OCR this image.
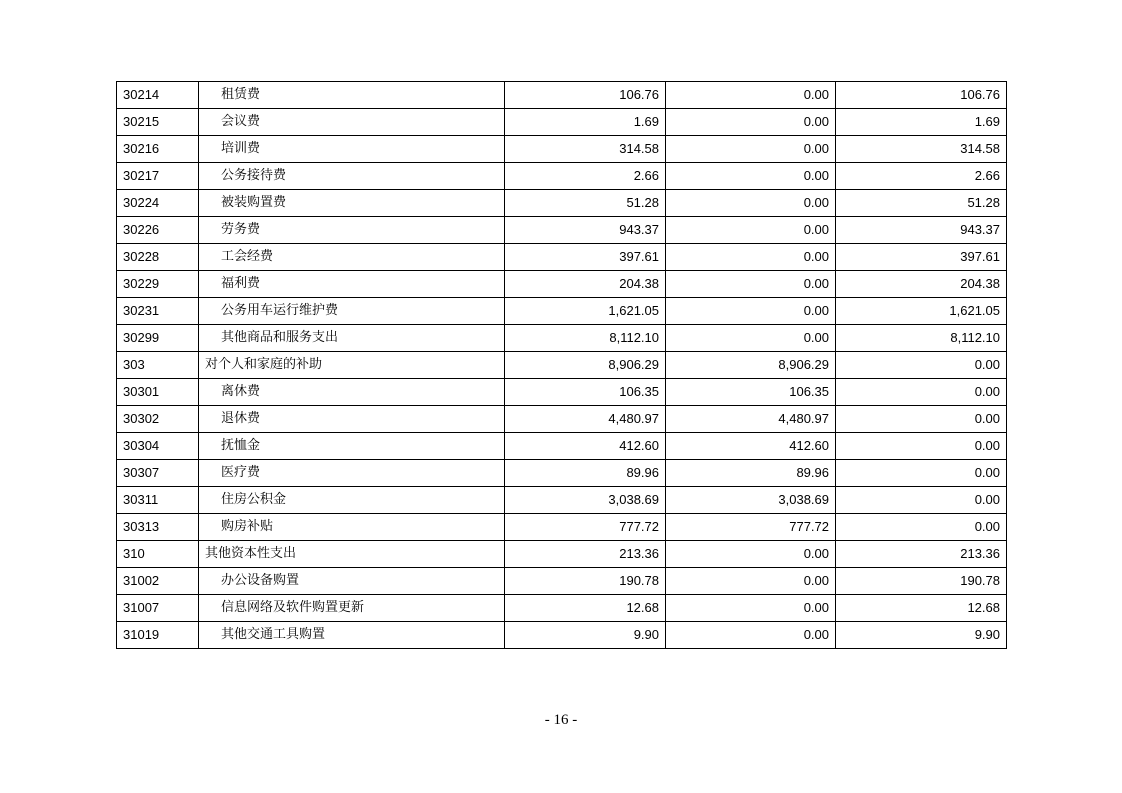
30214	租赁费	106.76	0.00	106.76
30215	会议费	1.69	0.00	1.69
30216	培训费	314.58	0.00	314.58
30217	公务接待费	2.66	0.00	2.66
30224	被装购置费	51.28	0.00	51.28
30226	劳务费	943.37	0.00	943.37
30228	工会经费	397.61	0.00	397.61
30229	福利费	204.38	0.00	204.38
30231	公务用车运行维护费	1,621.05	0.00	1,621.05
30299	其他商品和服务支出	8,112.10	0.00	8,112.10
303	对个人和家庭的补助	8,906.29	8,906.29	0.00
30301	离休费	106.35	106.35	0.00
30302	退休费	4,480.97	4,480.97	0.00
30304	抚恤金	412.60	412.60	0.00
30307	医疗费	89.96	89.96	0.00
30311	住房公积金	3,038.69	3,038.69	0.00
30313	购房补贴	777.72	777.72	0.00
310	其他资本性支出	213.36	0.00	213.36
31002	办公设备购置	190.78	0.00	190.78
31007	信息网络及软件购置更新	12.68	0.00	12.68
31019	其他交通工具购置	9.90	0.00	9.90
- 16 -
